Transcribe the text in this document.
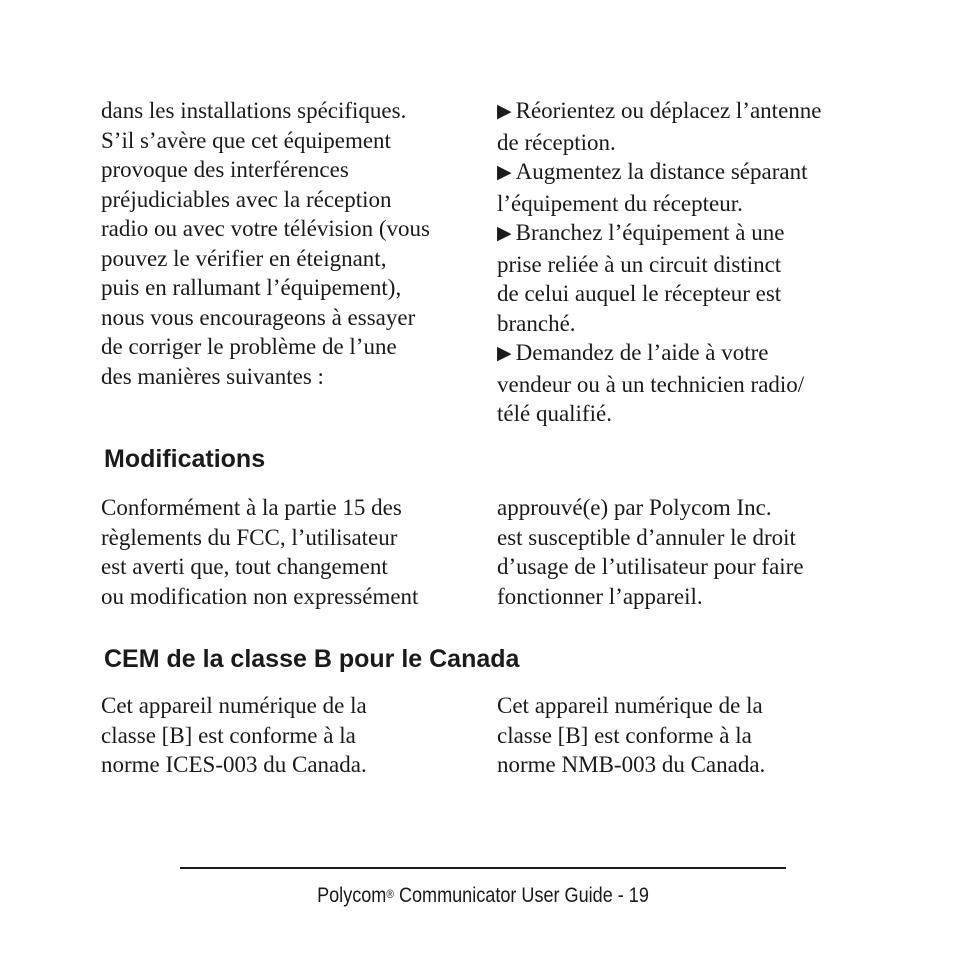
dans les installations spécifiques.
S’il s’avère que cet équipement
provoque des interférences
préjudiciables avec la réception
radio ou avec votre télévision (vous
pouvez le vérifier en éteignant,
puis en rallumant l’équipement),
nous vous encourageons à essayer
de corriger le problème de l’une
des manières suivantes :
▶ Réorientez ou déplacez l’antenne
de réception.
▶ Augmentez la distance séparant
l’équipement du récepteur.
▶ Branchez l’équipement à une
prise reliée à un circuit distinct
de celui auquel le récepteur est
branché.
▶ Demandez de l’aide à votre
vendeur ou à un technicien radio/
télé qualifié.
Modifications
Conformément à la partie 15 des
règlements du FCC, l’utilisateur
est averti que, tout changement
ou modification non expressément
approuvé(e) par Polycom Inc.
est susceptible d’annuler le droit
d’usage de l’utilisateur pour faire
fonctionner l’appareil.
CEM de la classe B pour le Canada
Cet appareil numérique de la
classe [B] est conforme à la
norme ICES-003 du Canada.
Cet appareil numérique de la
classe [B] est conforme à la
norme NMB-003 du Canada.
Polycom® Communicator User Guide - 19
